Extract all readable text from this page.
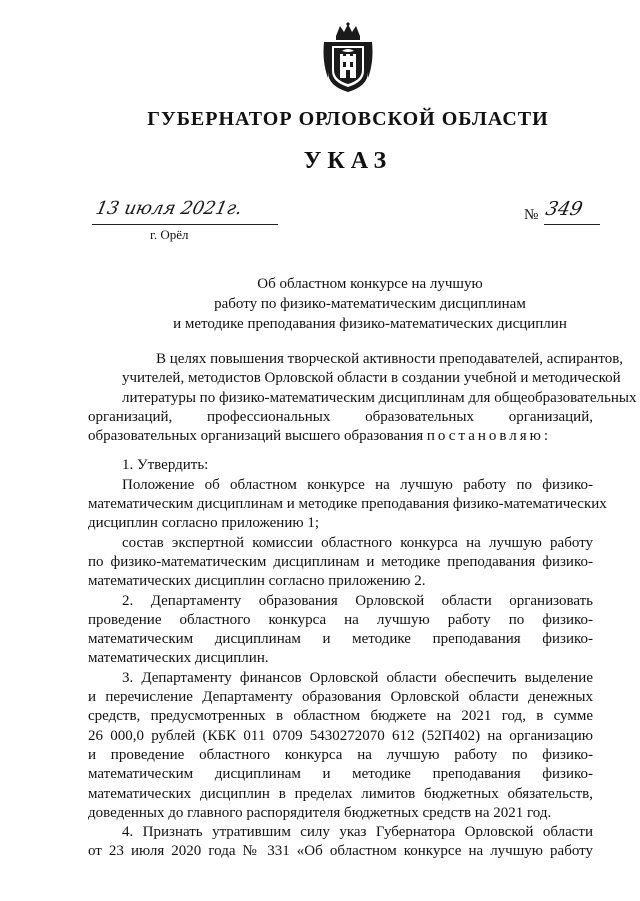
ГУБЕРНАТОР ОРЛОВСКОЙ ОБЛАСТИ
УКАЗ
13 июля 2021г.
г. Орёл
№ 349
Об областном конкурсе на лучшую
работу по физико-математическим дисциплинам
и методике преподавания физико-математических дисциплин
В целях повышения творческой активности преподавателей, аспирантов,
учителей, методистов Орловской области в создании учебной и методической
литературы по физико-математическим дисциплинам для общеобразовательных
организаций, профессиональных образовательных организаций,
образовательных организаций высшего образования постановляю:
1. Утвердить:
Положение об областном конкурсе на лучшую работу по физико-
математическим дисциплинам и методике преподавания физико-математических
дисциплин согласно приложению 1;
состав экспертной комиссии областного конкурса на лучшую работу
по физико-математическим дисциплинам и методике преподавания физико-
математических дисциплин согласно приложению 2.
2. Департаменту образования Орловской области организовать
проведение областного конкурса на лучшую работу по физико-
математическим дисциплинам и методике преподавания физико-
математических дисциплин.
3. Департаменту финансов Орловской области обеспечить выделение
и перечисление Департаменту образования Орловской области денежных
средств, предусмотренных в областном бюджете на 2021 год, в сумме
26 000,0 рублей (КБК 011 0709 5430272070 612 (52П402) на организацию
и проведение областного конкурса на лучшую работу по физико-
математическим дисциплинам и методике преподавания физико-
математических дисциплин в пределах лимитов бюджетных обязательств,
доведенных до главного распорядителя бюджетных средств на 2021 год.
4. Признать утратившим силу указ Губернатора Орловской области
от 23 июля 2020 года № 331 «Об областном конкурсе на лучшую работу
